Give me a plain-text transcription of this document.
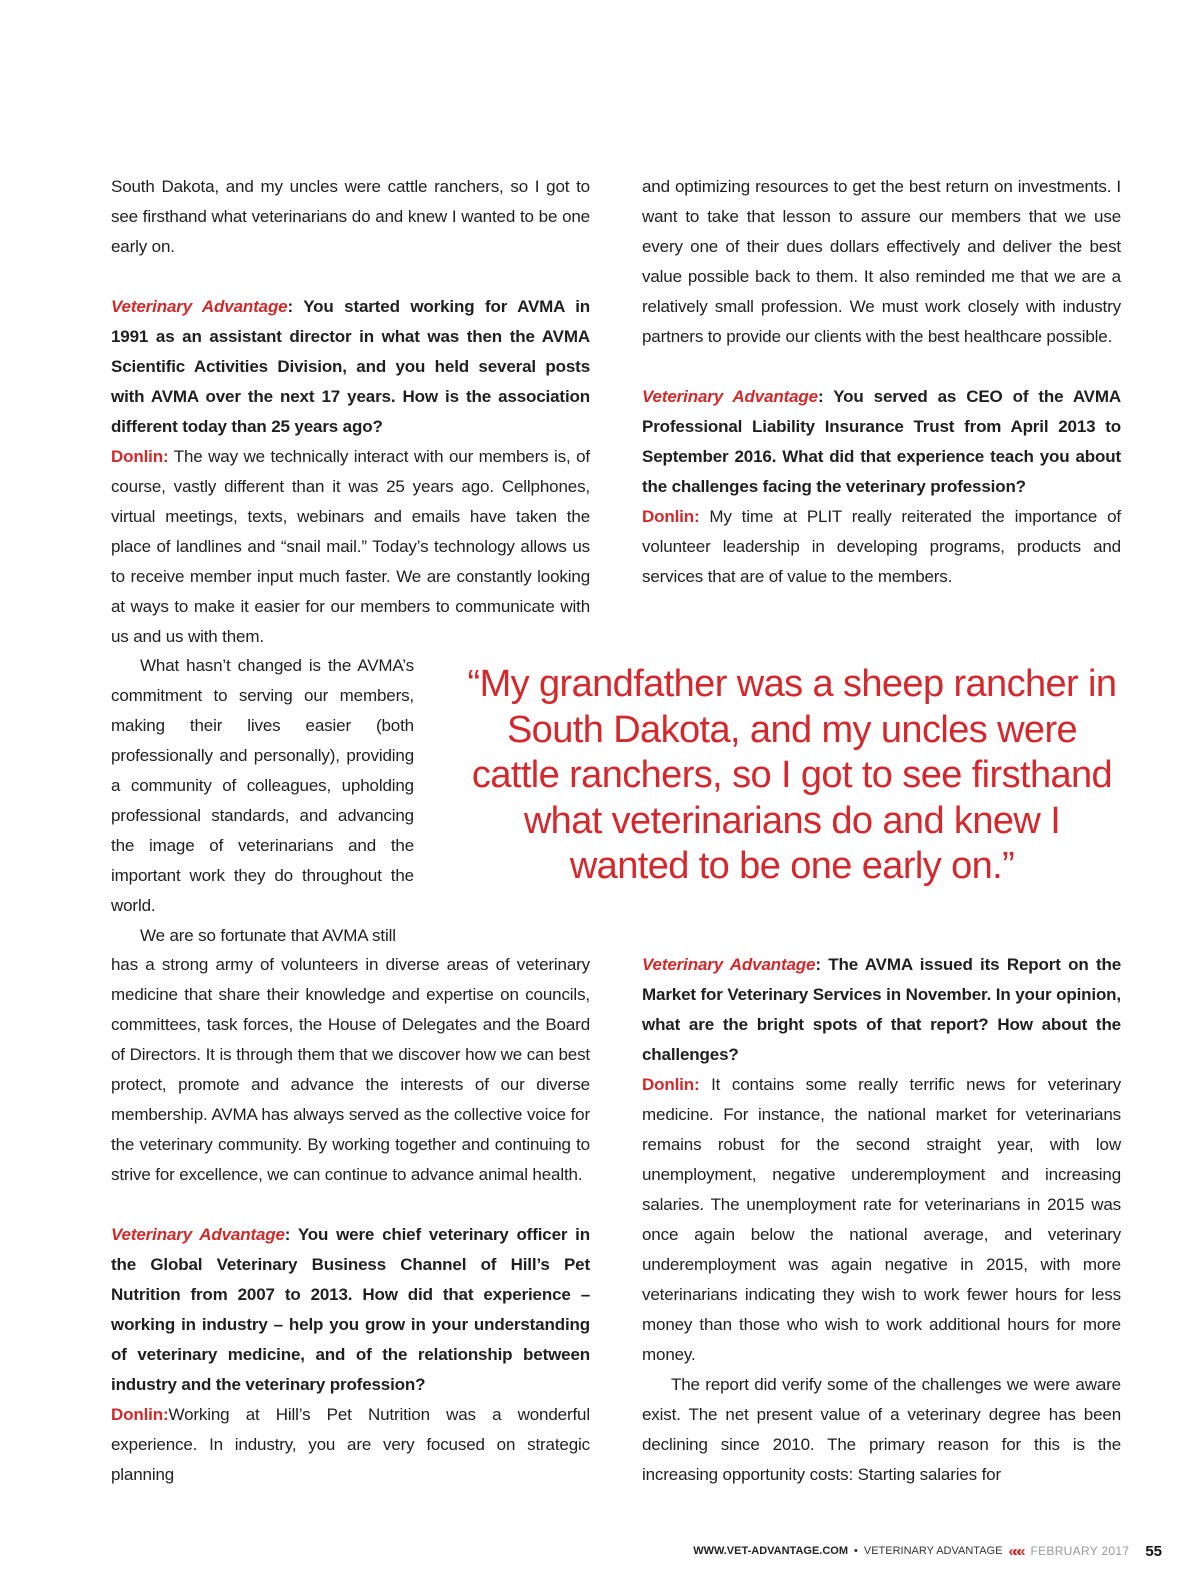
South Dakota, and my uncles were cattle ranchers, so I got to see firsthand what veterinarians do and knew I wanted to be one early on.

Veterinary Advantage: You started working for AVMA in 1991 as an assistant director in what was then the AVMA Scientific Activities Division, and you held several posts with AVMA over the next 17 years. How is the association different today than 25 years ago?

Donlin: The way we technically interact with our members is, of course, vastly different than it was 25 years ago. Cellphones, virtual meetings, texts, webinars and emails have taken the place of landlines and “snail mail.” Today’s technology allows us to receive member input much faster. We are constantly looking at ways to make it easier for our members to communicate with us and us with them.

What hasn’t changed is the AVMA’s commitment to serving our members, making their lives easier (both professionally and personally), providing a community of colleagues, upholding professional standards, and advancing the image of veterinarians and the important work they do throughout the world.

We are so fortunate that AVMA still

has a strong army of volunteers in diverse areas of veterinary medicine that share their knowledge and expertise on councils, committees, task forces, the House of Delegates and the Board of Directors. It is through them that we discover how we can best protect, promote and advance the interests of our diverse membership. AVMA has always served as the collective voice for the veterinary community. By working together and continuing to strive for excellence, we can continue to advance animal health.

Veterinary Advantage: You were chief veterinary officer in the Global Veterinary Business Channel of Hill’s Pet Nutrition from 2007 to 2013. How did that experience – working in industry – help you grow in your understanding of veterinary medicine, and of the relationship between industry and the veterinary profession?

Donlin:Working at Hill’s Pet Nutrition was a wonderful experience. In industry, you are very focused on strategic planning

and optimizing resources to get the best return on investments. I want to take that lesson to assure our members that we use every one of their dues dollars effectively and deliver the best value possible back to them. It also reminded me that we are a relatively small profession. We must work closely with industry partners to provide our clients with the best healthcare possible.

Veterinary Advantage: You served as CEO of the AVMA Professional Liability Insurance Trust from April 2013 to September 2016. What did that experience teach you about the challenges facing the veterinary profession?

Donlin: My time at PLIT really reiterated the importance of volunteer leadership in developing programs, products and services that are of value to the members.

“My grandfather was a sheep rancher in South Dakota, and my uncles were cattle ranchers, so I got to see firsthand what veterinarians do and knew I wanted to be one early on.”

Veterinary Advantage: The AVMA issued its Report on the Market for Veterinary Services in November. In your opinion, what are the bright spots of that report? How about the challenges?

Donlin: It contains some really terrific news for veterinary medicine. For instance, the national market for veterinarians remains robust for the second straight year, with low unemployment, negative underemployment and increasing salaries. The unemployment rate for veterinarians in 2015 was once again below the national average, and veterinary underemployment was again negative in 2015, with more veterinarians indicating they wish to work fewer hours for less money than those who wish to work additional hours for more money.

The report did verify some of the challenges we were aware exist. The net present value of a veterinary degree has been declining since 2010. The primary reason for this is the increasing opportunity costs: Starting salaries for

WWW.VET-ADVANTAGE.COM • VETERINARY ADVANTAGE ««« FEBRUARY 2017 55
